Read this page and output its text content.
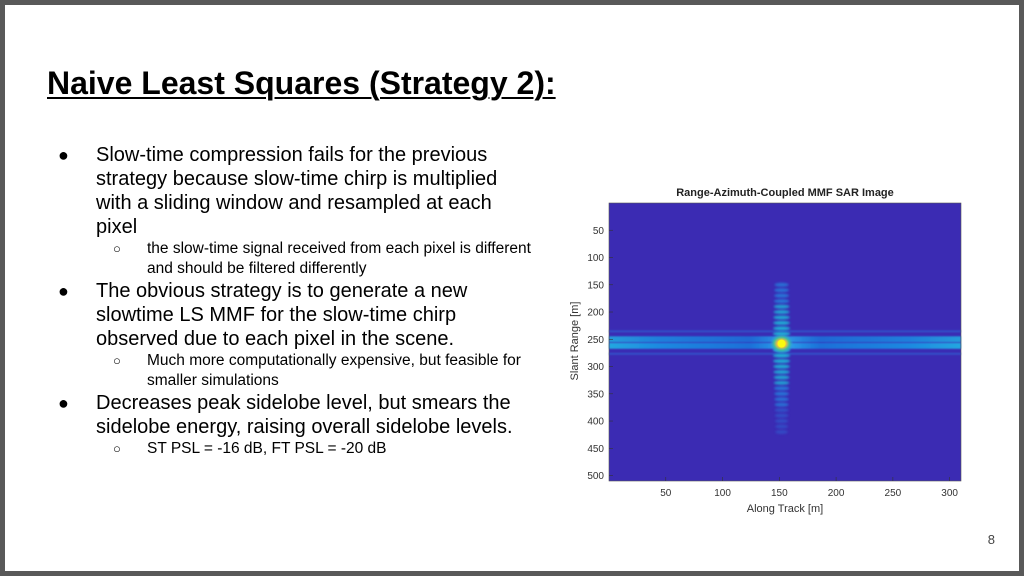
Naive Least Squares (Strategy 2):
● Slow-time compression fails for the previous strategy because slow-time chirp is multiplied with a sliding window and resampled at each pixel
○ the slow-time signal received from each pixel is different and should be filtered differently
● The obvious strategy is to generate a new slowtime LS MMF for the slow-time chirp observed due to each pixel in the scene.
○ Much more computationally expensive, but feasible for smaller simulations
● Decreases peak sidelobe level, but smears the sidelobe energy, raising overall sidelobe levels.
○ ST PSL = -16 dB, FT PSL = -20 dB
Range-Azimuth-Coupled MMF SAR Image
50
100
150
200
250
300
350
400
450
500
50	100	150	200	250	300
Along Track [m]
Slant Range [m]
8
